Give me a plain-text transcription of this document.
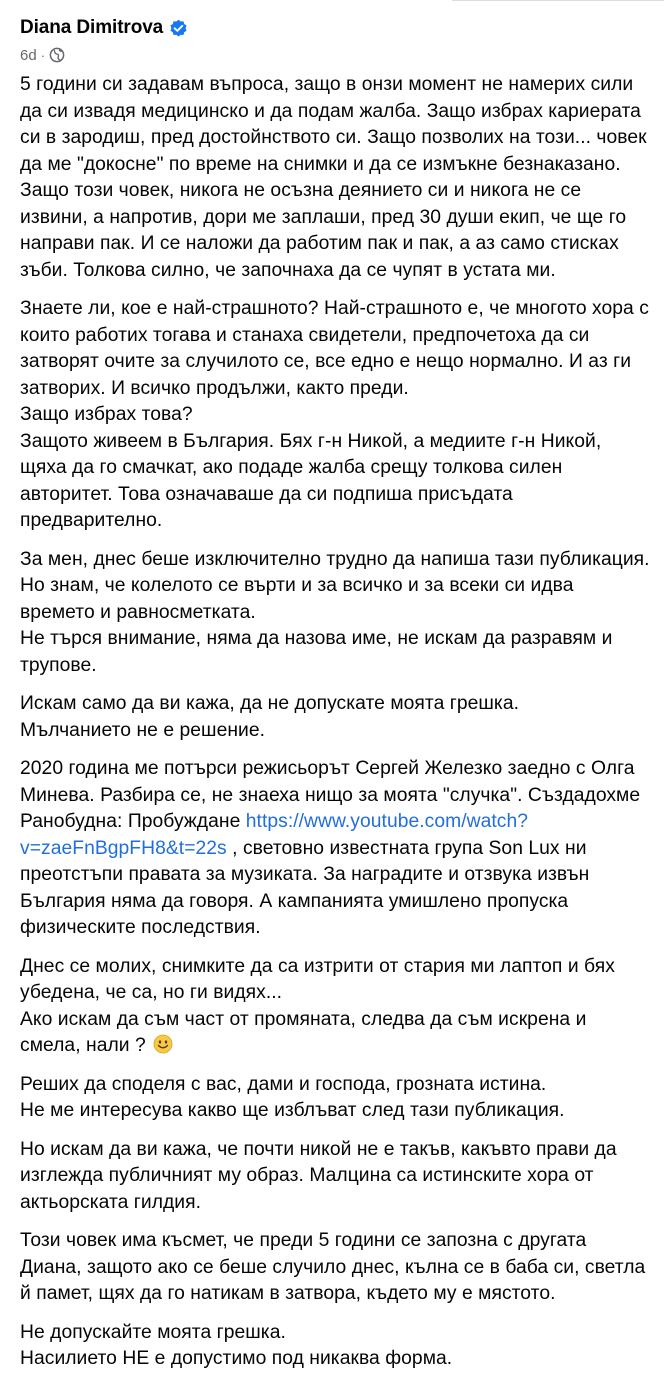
Diana Dimitrova
6d ·

5 години си задавам въпроса, защо в онзи момент не намерих сили да си извадя медицинско и да подам жалба. Защо избрах кариерата си в зародиш, пред достойнството си. Защо позволих на този... човек да ме "докосне" по време на снимки и да се измъкне безнаказано. Защо този човек, никога не осъзна деянието си и никога не се извини, а напротив, дори ме заплаши, пред 30 души екип, че ще го направи пак. И се наложи да работим пак и пак, а аз само стисках зъби. Толкова силно, че започнаха да се чупят в устата ми.

Знаете ли, кое е най-страшното? Най-страшното е, че многото хора с които работих тогава и станаха свидетели, предпочетоха да си затворят очите за случилото се, все едно е нещо нормално. И аз ги затворих. И всичко продължи, както преди.
Защо избрах това?
Защото живеем в България. Бях г-н Никой, а медиите г-н Никой, щяха да го смачкат, ако подаде жалба срещу толкова силен авторитет. Това означаваше да си подпиша присъдата предварително.

За мен, днес беше изключително трудно да напиша тази публикация. Но знам, че колелото се върти и за всичко и за всеки си идва времето и равносметката.
Не търся внимание, няма да назова име, не искам да разравям и трупове.

Искам само да ви кажа, да не допускате моята грешка.
Мълчанието не е решение.

2020 година ме потърси режисьорът Сергей Железко заедно с Олга Минева. Разбира се, не знаеха нищо за моята "случка". Създадохме Ранобудна: Пробуждане https://www.youtube.com/watch?v=zaeFnBgpFH8&t=22s , световно известната група Son Lux ни преотстъпи правата за музиката. За наградите и отзвука извън България няма да говоря. А кампанията умишлено пропуска физическите последствия.

Днес се молих, снимките да са изтрити от стария ми лаптоп и бях убедена, че са, но ги видях...
Ако искам да съм част от промяната, следва да съм искрена и смела, нали ?

Реших да споделя с вас, дами и господа, грозната истина.
Не ме интересува какво ще изблъват след тази публикация.

Но искам да ви кажа, че почти никой не е такъв, какъвто прави да изглежда публичният му образ. Малцина са истинските хора от актьорската гилдия.

Този човек има късмет, че преди 5 години се запозна с другата Диана, защото ако се беше случило днес, кълна се в баба си, светла й памет, щях да го натикам в затвора, където му е мястото.

Не допускайте моята грешка.
Насилието НЕ е допустимо под никаква форма.
